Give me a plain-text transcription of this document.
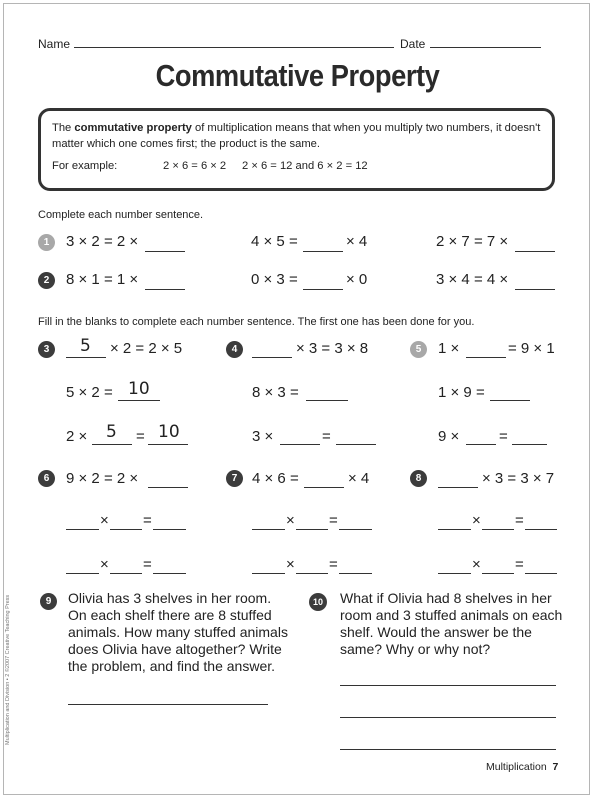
Name	Date
Commutative Property
The commutative property of multiplication means that when you multiply two numbers, it doesn't
matter which one comes first; the product is the same.
For example:	2 × 6 = 6 × 2 2 × 6 = 12 and 6 × 2 = 12
Complete each number sentence.
1	3 × 2 = 2 ×	4 × 5 =	× 4	2 × 7 = 7 ×
2	8 × 1 = 1 ×	0 × 3 =	× 0	3 × 4 = 4 ×
Fill in the blanks to complete each number sentence. The first one has been done for you.
3	5 × 2 = 2 × 5
5 × 2 = 10
2 × 5 = 10
4	× 3 = 3 × 8
8 × 3 =
3 ×	=
5	1 ×	= 9 × 1
1 × 9 =
9 ×	=
6	9 × 2 = 2 ×
× =
× =
7 4 × 6 =	× 4
× =
× =
8	× 3 = 3 × 7
× =
× =
9	Olivia has 3 shelves in her room.
On each shelf there are 8 stuffed
animals. How many stuffed animals
does Olivia have altogether? Write
the problem, and find the answer.
10 What if Olivia had 8 shelves in her
room and 3 stuffed animals on each
shelf. Would the answer be the
same? Why or why not?
Multiplication and Division • 2 ©2007 Creative Teaching Press
Multiplication 7
